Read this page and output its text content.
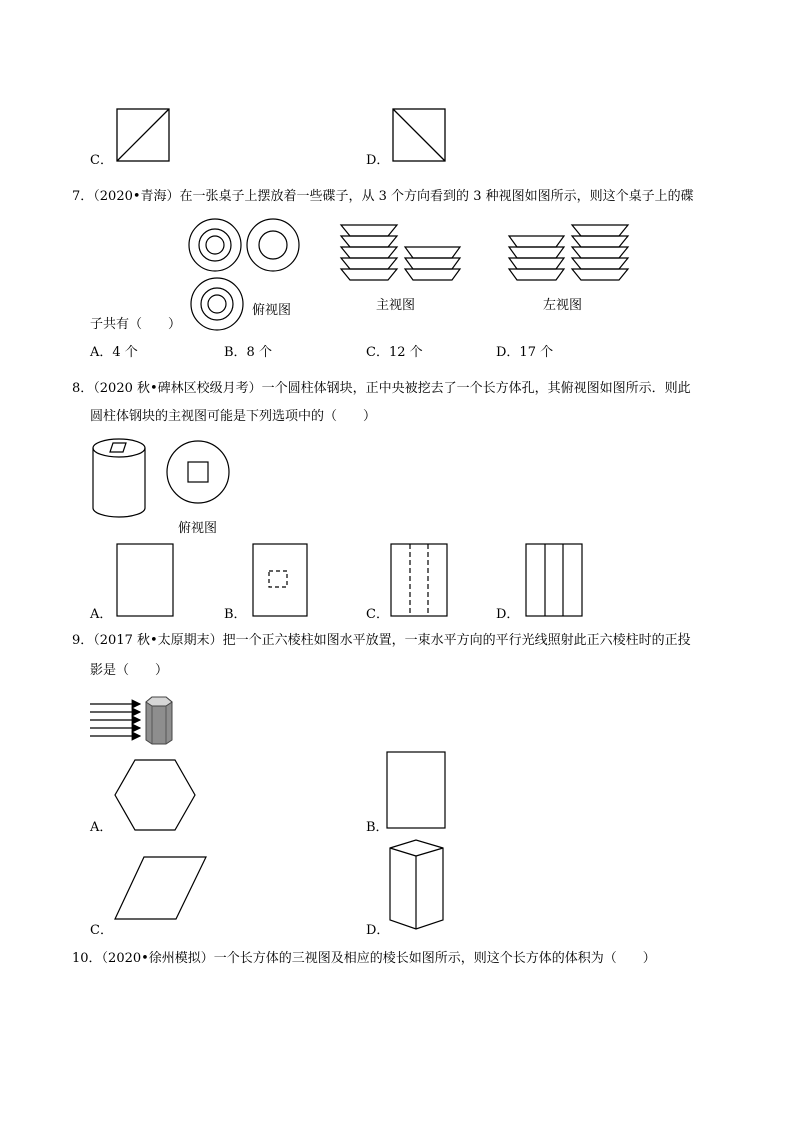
C．	D．
7．（2020•青海）在一张桌子上摆放着一些碟子，从 3 个方向看到的 3 种视图如图所示，则这个桌子上的碟
俯视图	主视图	左视图
子共有（　　）
A．4 个	B．8 个	C．12 个	D．17 个
8．（2020 秋•碑林区校级月考）一个圆柱体钢块，正中央被挖去了一个长方体孔，其俯视图如图所示．则此
圆柱体钢块的主视图可能是下列选项中的（　　）
俯视图
A．	B．	C．	D．
9．（2017 秋•太原期末）把一个正六棱柱如图水平放置，一束水平方向的平行光线照射此正六棱柱时的正投
影是（　　）
A．	B．
C．	D．
10．（2020•徐州模拟）一个长方体的三视图及相应的棱长如图所示，则这个长方体的体积为（　　）
